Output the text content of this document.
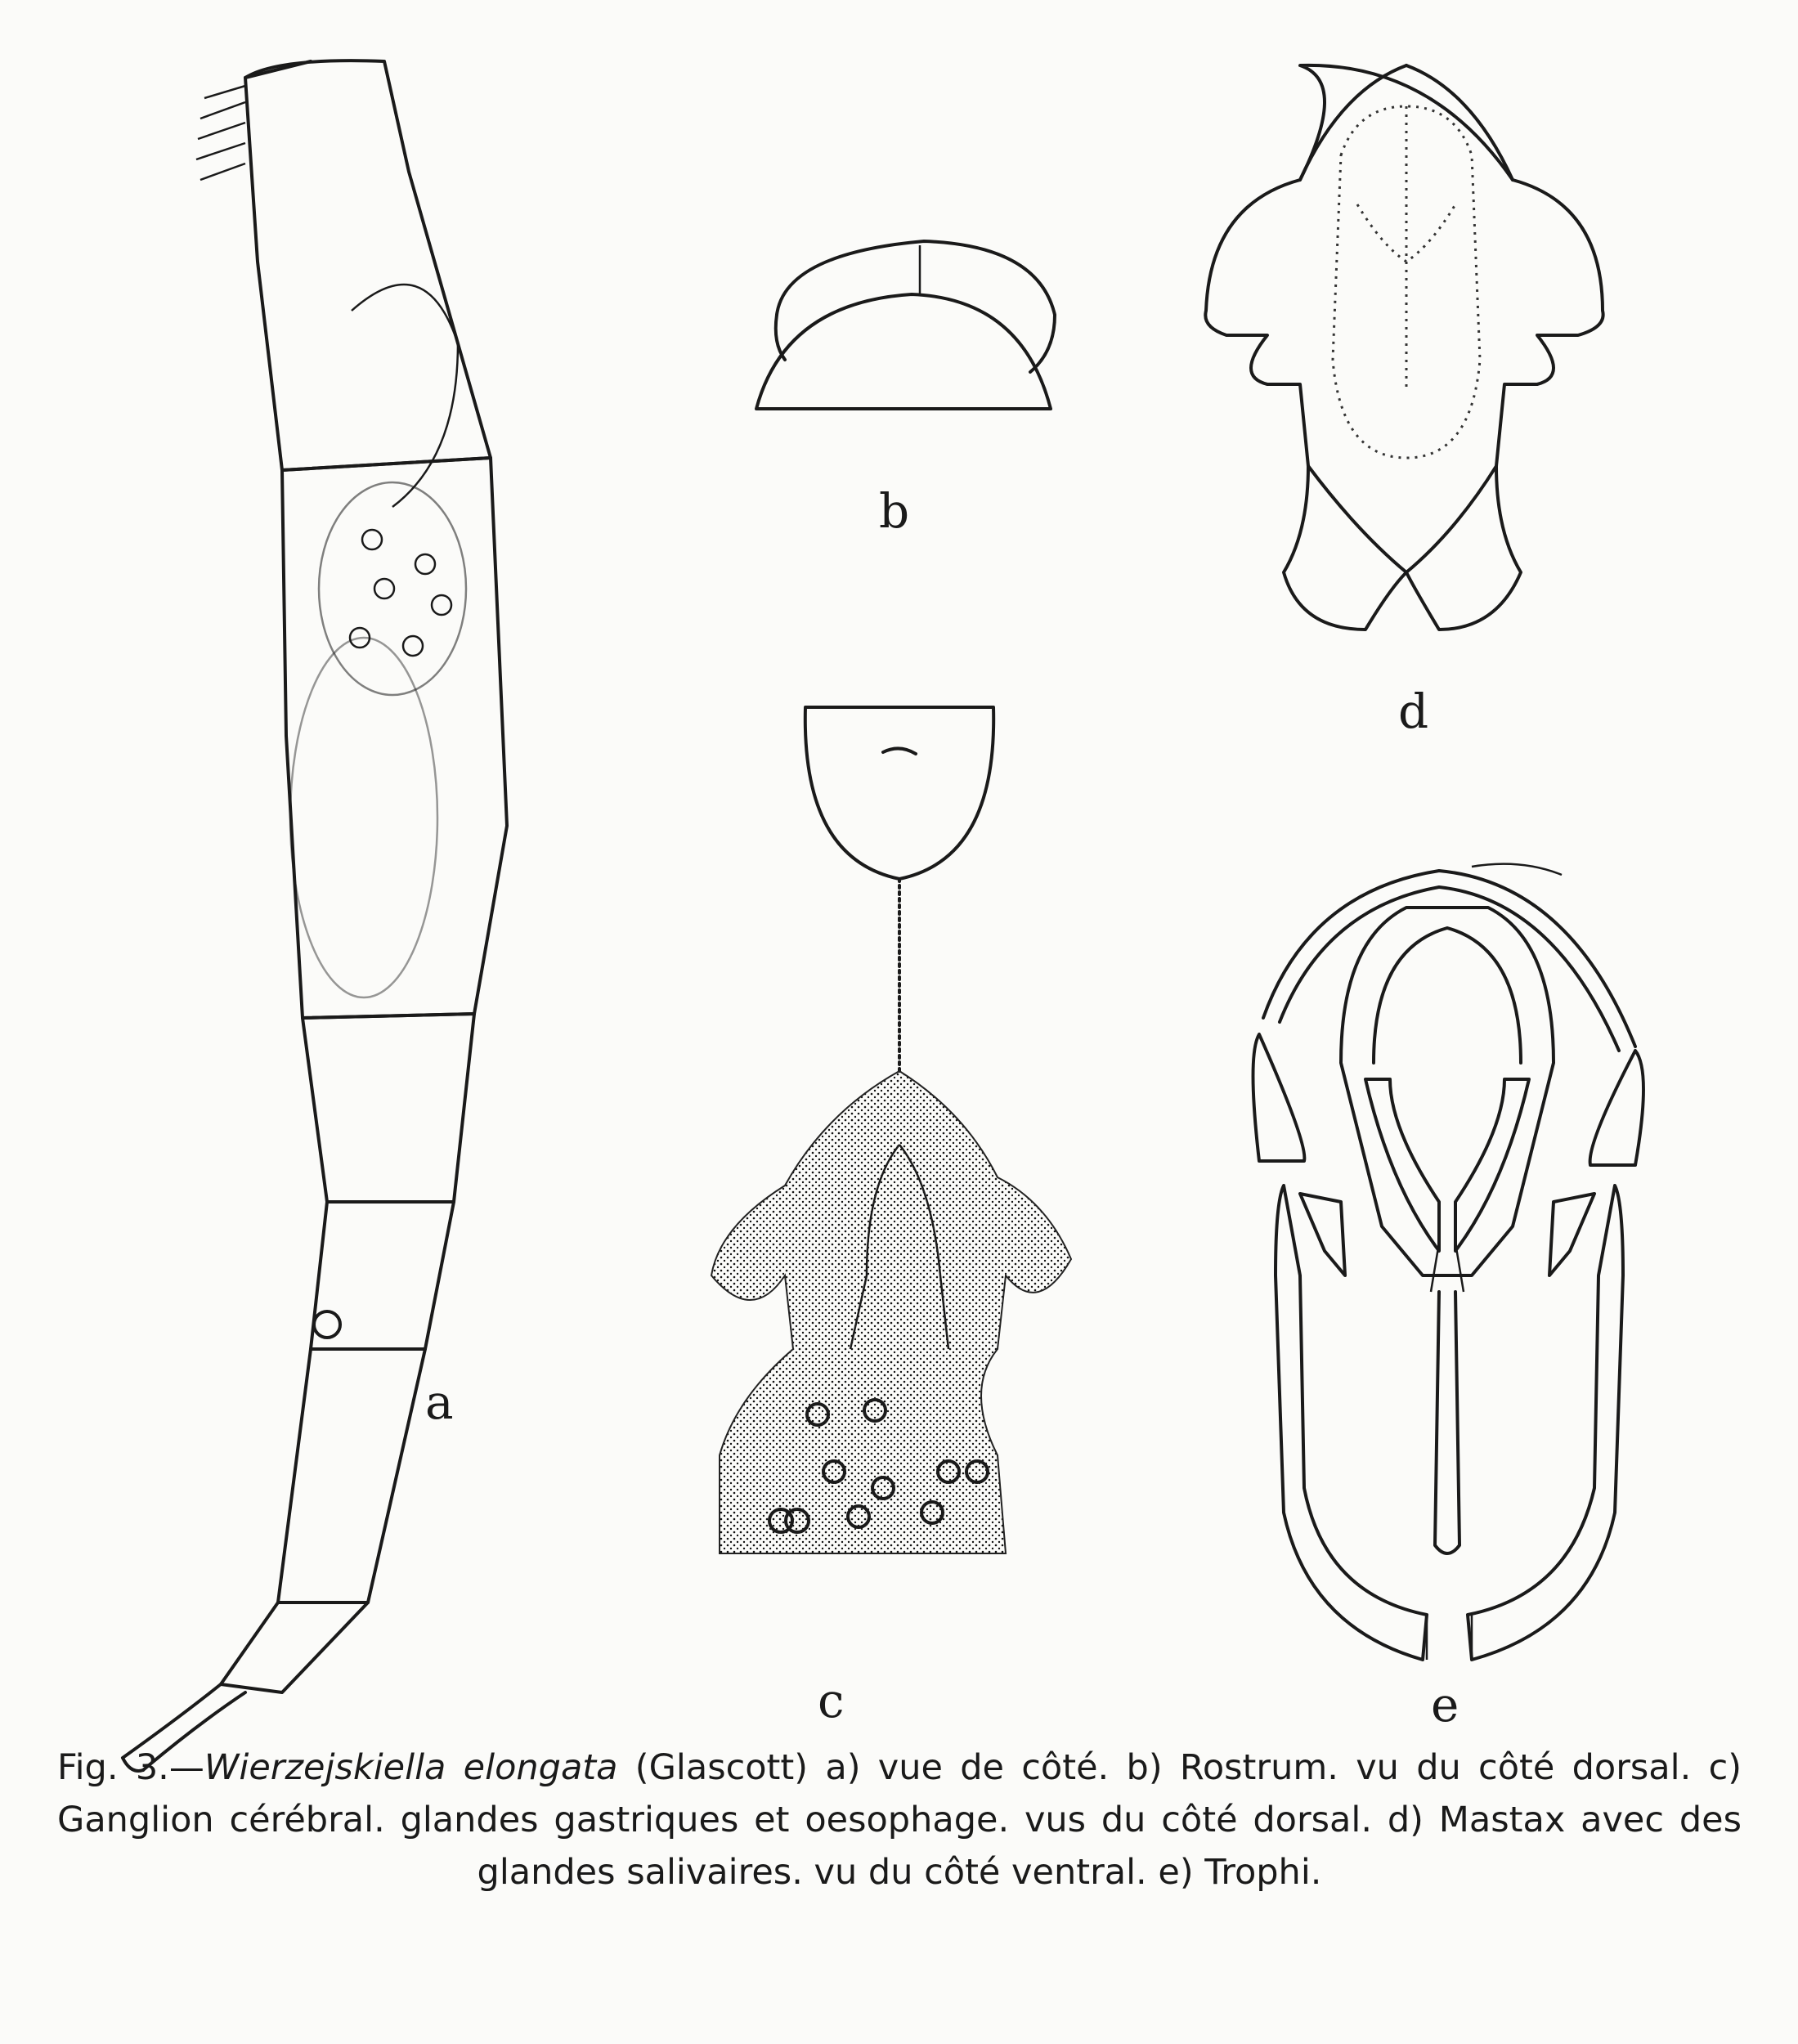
a
b
c
d
e
Fig. 3.—Wierzejskiella elongata (Glascott) a) vue de côté. b) Rostrum. vu du côté dorsal. c) Ganglion cérébral. glandes gastriques et oesophage. vus du côté dorsal. d) Mastax avec des glandes salivaires. vu du côté ventral. e) Trophi.
